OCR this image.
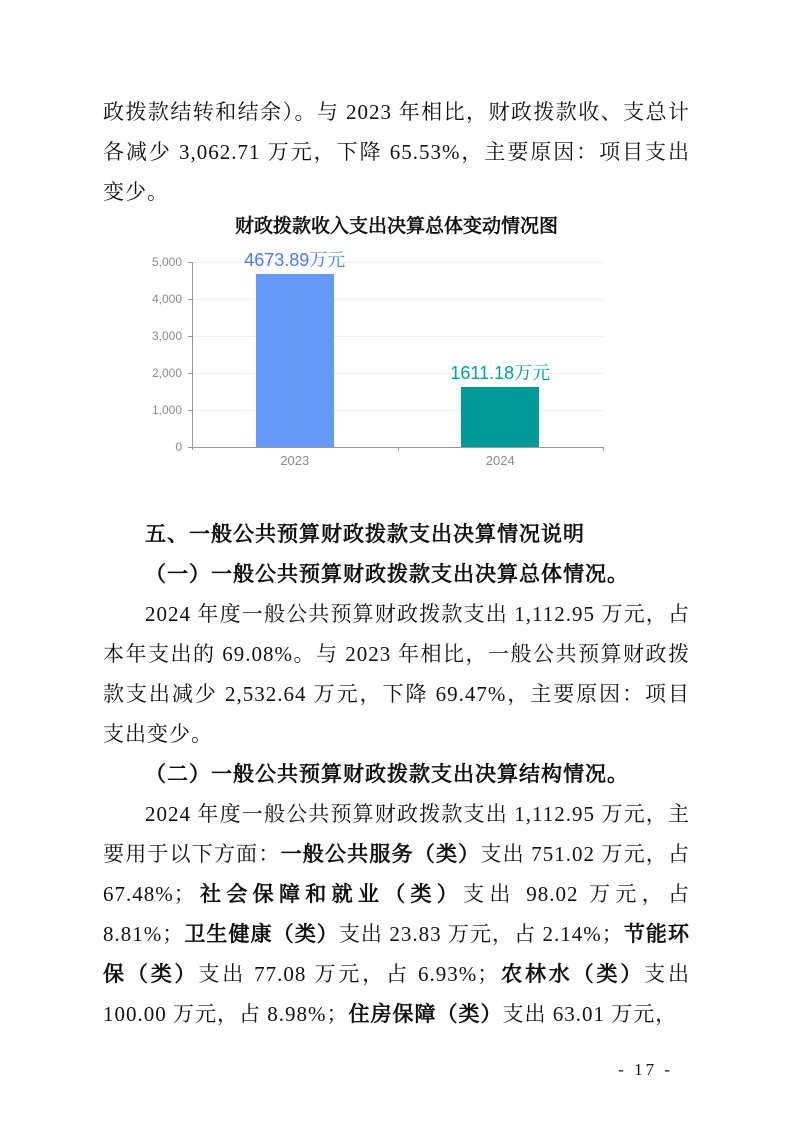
政拨款结转和结余）。与 2023 年相比，财政拨款收、支总计各减少 3,062.71 万元，下降 65.53%，主要原因：项目支出变少。

财政拨款收入支出决算总体变动情况图
0
1,000
2,000
3,000
4,000
5,000	4673.89万元
2023
1611.18万元
2024

五、一般公共预算财政拨款支出决算情况说明

（一）一般公共预算财政拨款支出决算总体情况。

2024 年度一般公共预算财政拨款支出 1,112.95 万元，占本年支出的 69.08%。与 2023 年相比，一般公共预算财政拨款支出减少 2,532.64 万元，下降 69.47%，主要原因：项目支出变少。

（二）一般公共预算财政拨款支出决算结构情况。

2024 年度一般公共预算财政拨款支出 1,112.95 万元，主要用于以下方面：一般公共服务（类）支出 751.02 万元，占 67.48%；社会保障和就业（类）支出 98.02 万元，占 8.81%；卫生健康（类）支出 23.83 万元，占 2.14%；节能环保（类）支出 77.08 万元，占 6.93%；农林水（类）支出 100.00 万元，占 8.98%；住房保障（类）支出 63.01 万元，

- 17 -
